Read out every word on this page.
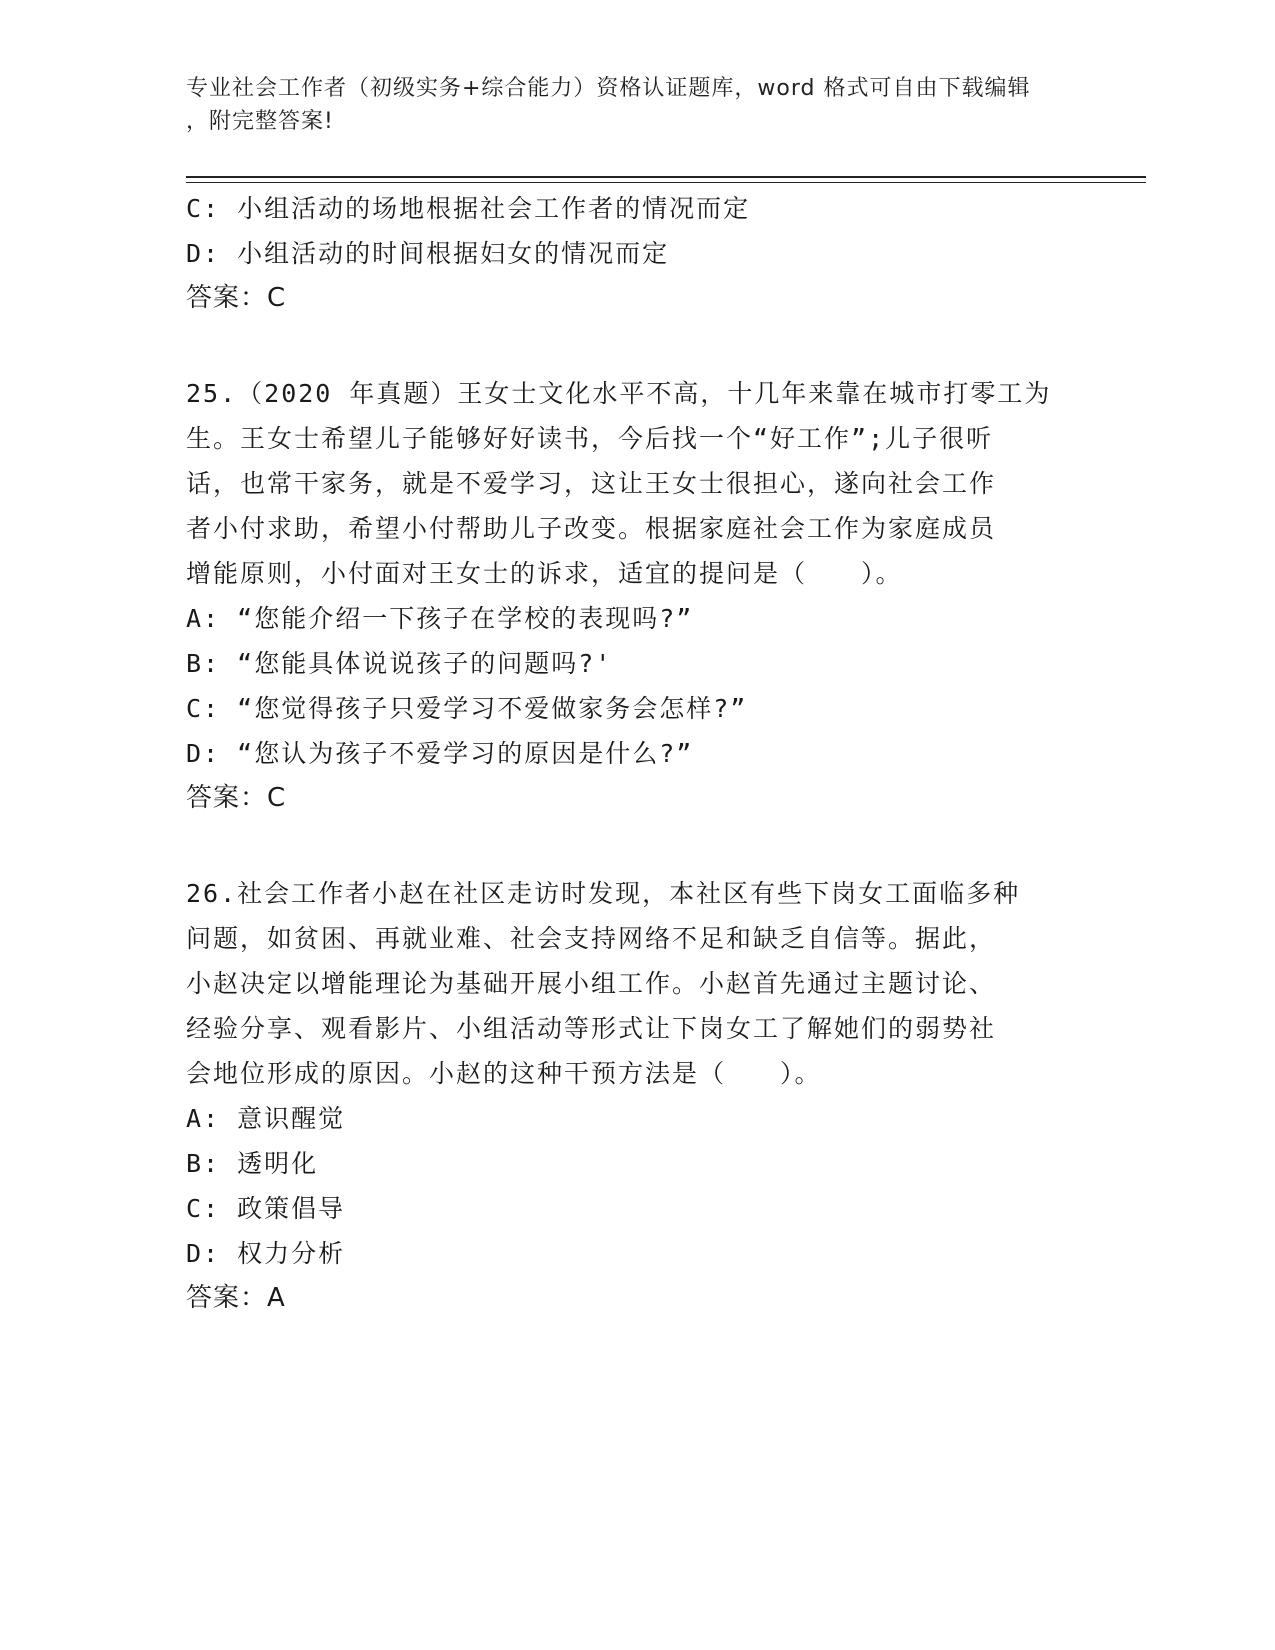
专业社会工作者（初级实务+综合能力）资格认证题库，word 格式可自由下载编辑
，附完整答案!
C: 小组活动的场地根据社会工作者的情况而定
D: 小组活动的时间根据妇女的情况而定
答案：C
25.（2020 年真题）王女士文化水平不高，十几年来靠在城市打零工为
生。王女士希望儿子能够好好读书，今后找一个“好工作”;儿子很听
话，也常干家务，就是不爱学习，这让王女士很担心，遂向社会工作
者小付求助，希望小付帮助儿子改变。根据家庭社会工作为家庭成员
增能原则，小付面对王女士的诉求，适宜的提问是（　　）。
A: “您能介绍一下孩子在学校的表现吗?”
B: “您能具体说说孩子的问题吗?'
C: “您觉得孩子只爱学习不爱做家务会怎样?”
D: “您认为孩子不爱学习的原因是什么?”
答案：C
26.社会工作者小赵在社区走访时发现，本社区有些下岗女工面临多种
问题，如贫困、再就业难、社会支持网络不足和缺乏自信等。据此，
小赵决定以增能理论为基础开展小组工作。小赵首先通过主题讨论、
经验分享、观看影片、小组活动等形式让下岗女工了解她们的弱势社
会地位形成的原因。小赵的这种干预方法是（　　）。
A: 意识醒觉
B: 透明化
C: 政策倡导
D: 权力分析
答案：A
